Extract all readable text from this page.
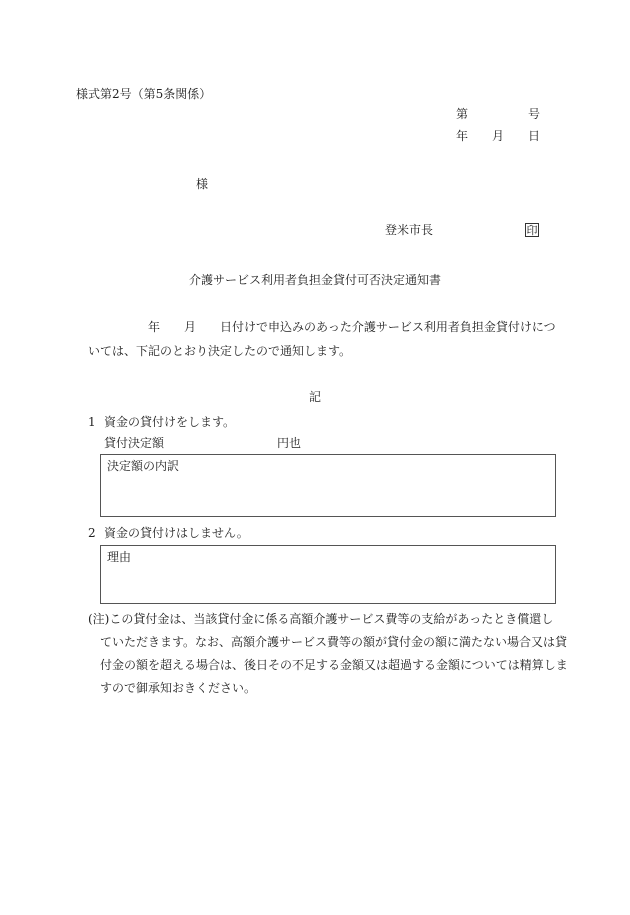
様式第2号（第5条関係）
第	号
年 月 日
様
登米市長	印
介護サービス利用者負担金貸付可否決定通知書
年 月 日付けで申込みのあった介護サービス利用者負担金貸付けにつ
いては、下記のとおり決定したので通知します。
記
1 資金の貸付けをします。
貸付決定額	円也
決定額の内訳
2 資金の貸付けはしません。
理由
(注)この貸付金は、当該貸付金に係る高額介護サービス費等の支給があったとき償還し
ていただきます。なお、高額介護サービス費等の額が貸付金の額に満たない場合又は貸
付金の額を超える場合は、後日その不足する金額又は超過する金額については精算しま
すので御承知おきください。
